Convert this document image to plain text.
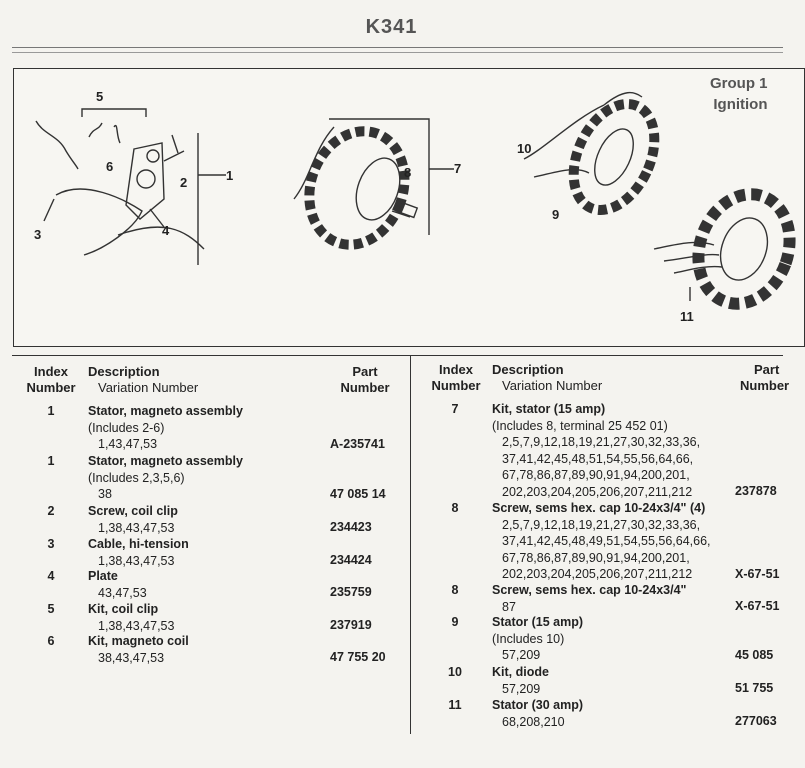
K341
Group 1
Ignition
5
6
2	1
3	4
8	7
10
9
11
Index
Number
Description
Variation Number
Part
Number
Index
Number
Description
Variation Number
Part
Number
1	Stator, magneto assembly
(Includes 2-6)
1,43,47,53	A-235741
1	Stator, magneto assembly
(Includes 2,3,5,6)
38	47 085 14
2	Screw, coil clip
1,38,43,47,53	234423
3	Cable, hi-tension
1,38,43,47,53	234424
4	Plate
43,47,53	235759
5	Kit, coil clip
1,38,43,47,53	237919
6	Kit, magneto coil
38,43,47,53	47 755 20
7	Kit, stator (15 amp)
(Includes 8, terminal 25 452 01)
2,5,7,9,12,18,19,21,27,30,32,33,36,
37,41,42,45,48,51,54,55,56,64,66,
67,78,86,87,89,90,91,94,200,201,
202,203,204,205,206,207,211,212	237878
8	Screw, sems hex. cap 10-24x3/4" (4)
2,5,7,9,12,18,19,21,27,30,32,33,36,
37,41,42,45,48,49,51,54,55,56,64,66,
67,78,86,87,89,90,91,94,200,201,
202,203,204,205,206,207,211,212	X-67-51
8	Screw, sems hex. cap 10-24x3/4"
87	X-67-51
9	Stator (15 amp)
(Includes 10)
57,209	45 085
10	Kit, diode
57,209	51 755
11	Stator (30 amp)
68,208,210	277063
